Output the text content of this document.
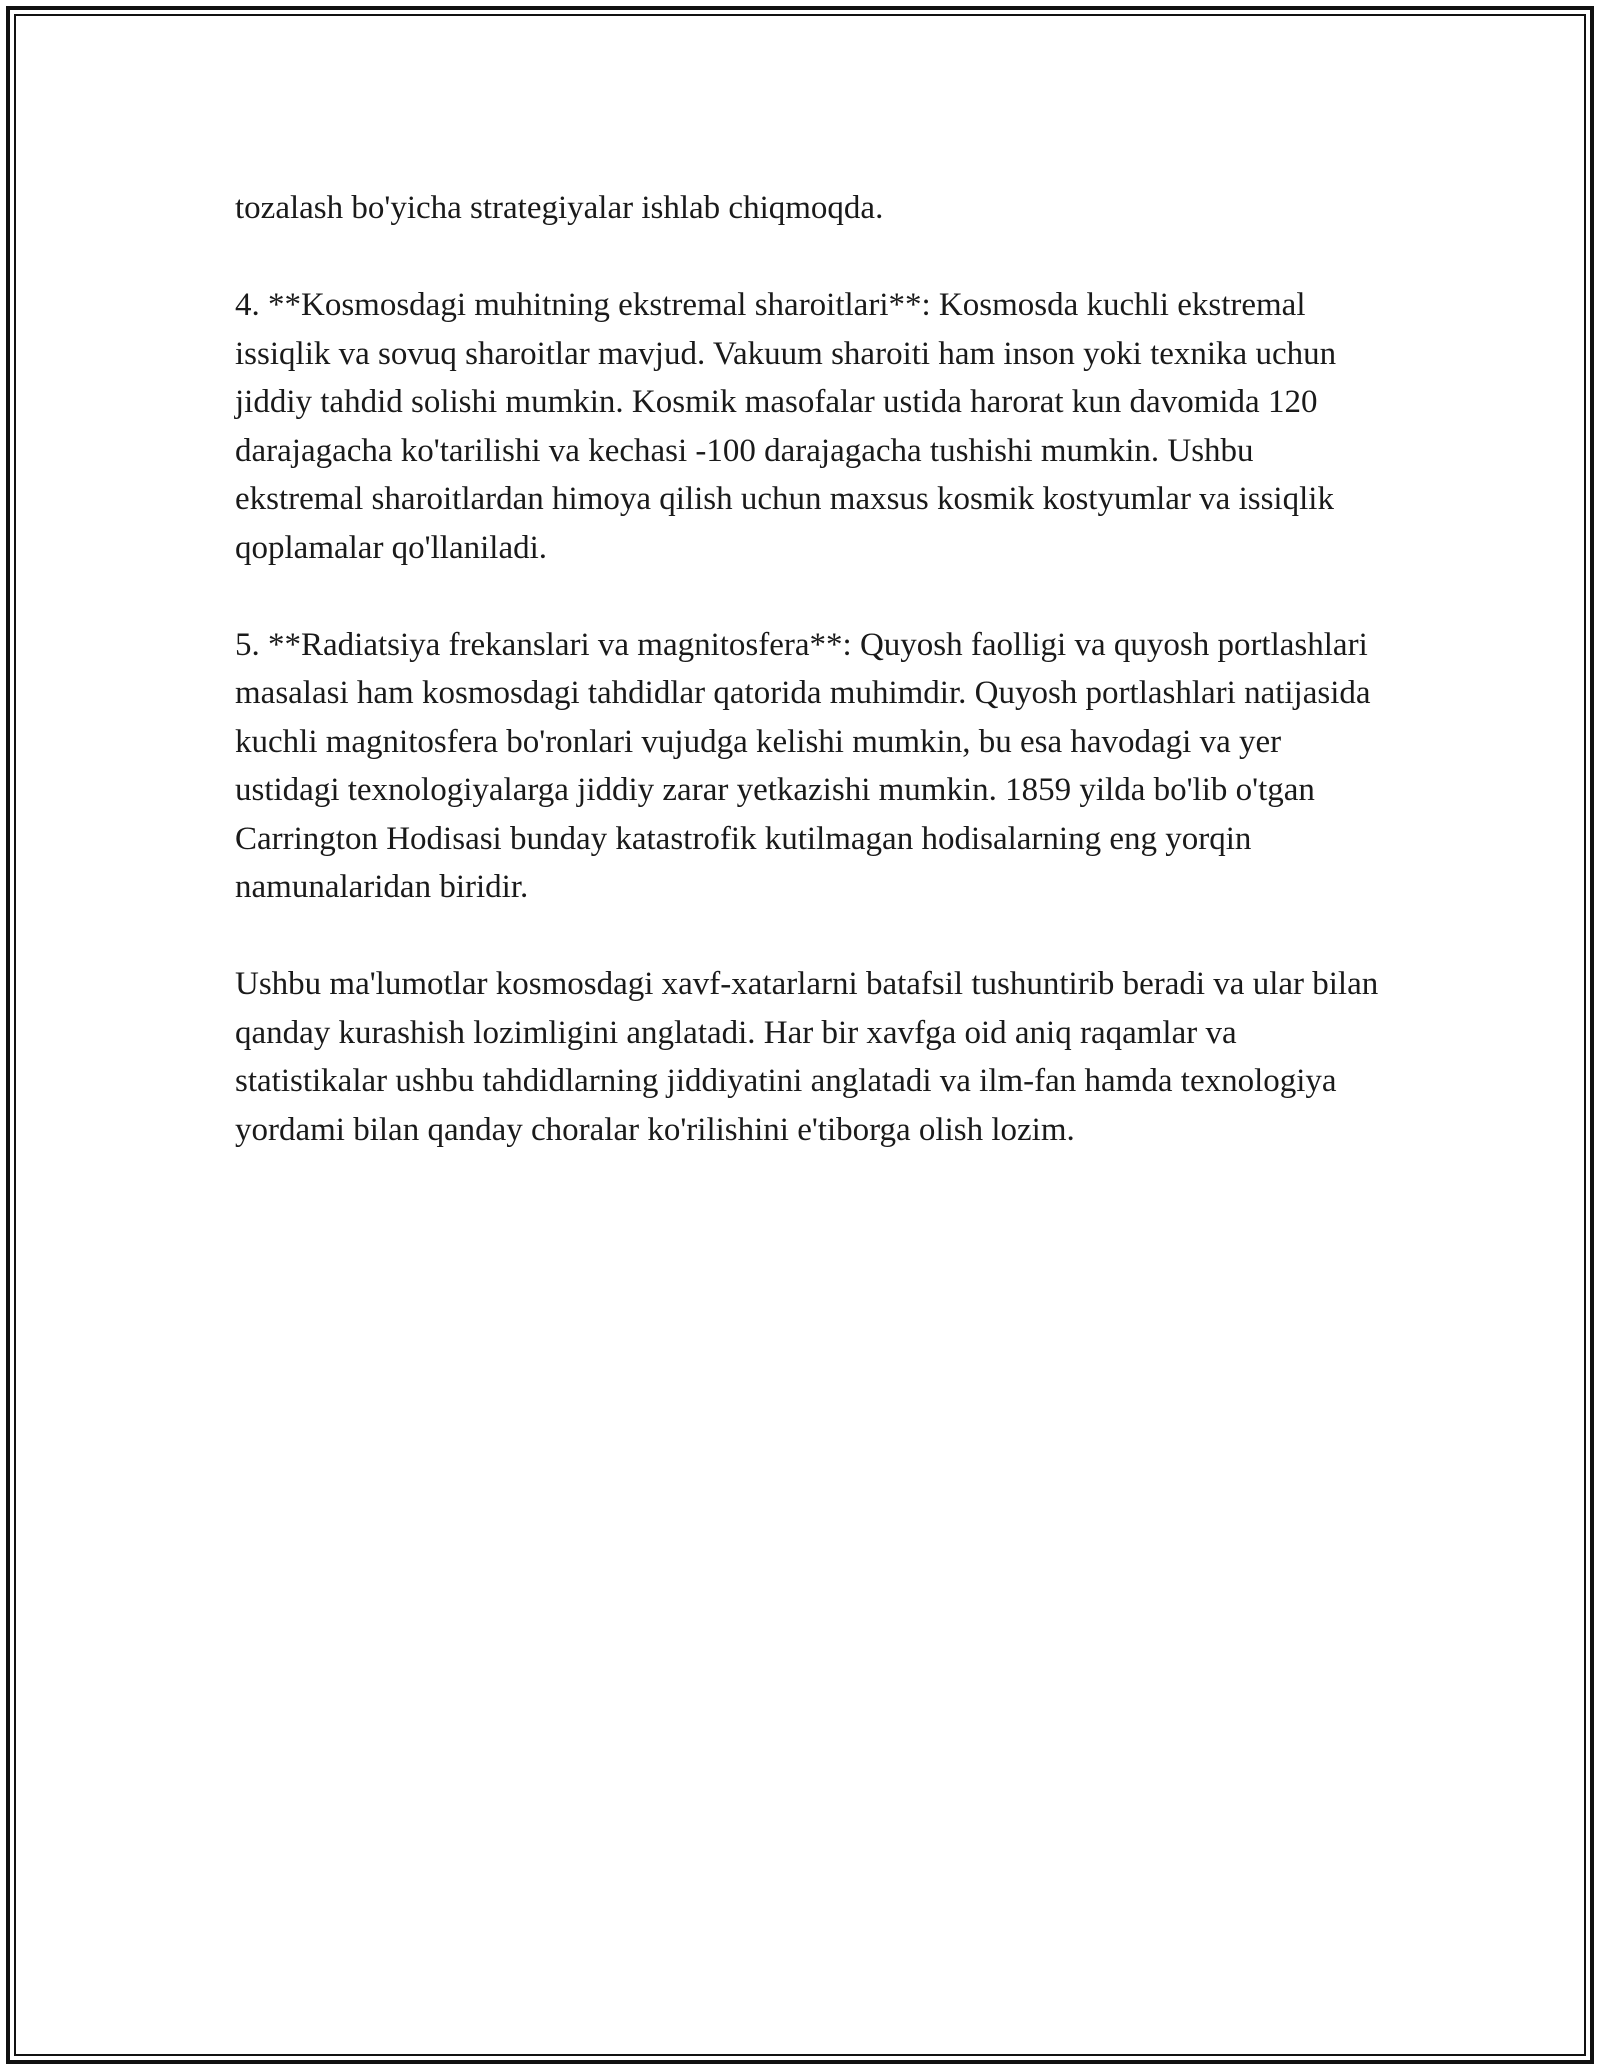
tozalash bo'yicha strategiyalar ishlab chiqmoqda.

4. **Kosmosdagi muhitning ekstremal sharoitlari**: Kosmosda kuchli ekstremal issiqlik va sovuq sharoitlar mavjud. Vakuum sharoiti ham inson yoki texnika uchun jiddiy tahdid solishi mumkin. Kosmik masofalar ustida harorat kun davomida 120 darajagacha ko'tarilishi va kechasi -100 darajagacha tushishi mumkin. Ushbu ekstremal sharoitlardan himoya qilish uchun maxsus kosmik kostyumlar va issiqlik qoplamalar qo'llaniladi.

5. **Radiatsiya frekanslari va magnitosfera**: Quyosh faolligi va quyosh portlashlari masalasi ham kosmosdagi tahdidlar qatorida muhimdir. Quyosh portlashlari natijasida kuchli magnitosfera bo'ronlari vujudga kelishi mumkin, bu esa havodagi va yer ustidagi texnologiyalarga jiddiy zarar yetkazishi mumkin. 1859 yilda bo'lib o'tgan Carrington Hodisasi bunday katastrofik kutilmagan hodisalarning eng yorqin namunalaridan biridir.

Ushbu ma'lumotlar kosmosdagi xavf-xatarlarni batafsil tushuntirib beradi va ular bilan qanday kurashish lozimligini anglatadi. Har bir xavfga oid aniq raqamlar va statistikalar ushbu tahdidlarning jiddiyatini anglatadi va ilm-fan hamda texnologiya yordami bilan qanday choralar ko'rilishini e'tiborga olish lozim.
